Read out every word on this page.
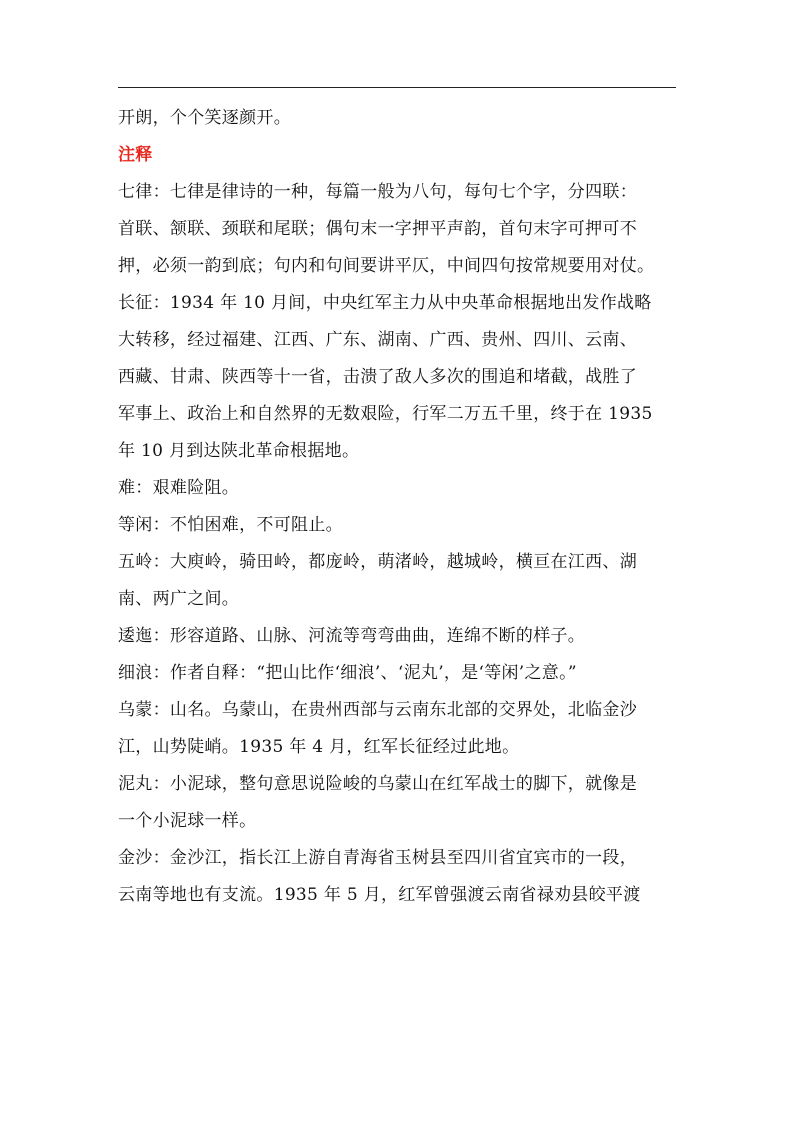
开朗，个个笑逐颜开。
注释
七律：七律是律诗的一种，每篇一般为八句，每句七个字，分四联：
首联、颔联、颈联和尾联；偶句末一字押平声韵，首句末字可押可不
押，必须一韵到底；句内和句间要讲平仄，中间四句按常规要用对仗。
长征：1934 年 10 月间，中央红军主力从中央革命根据地出发作战略
大转移，经过福建、江西、广东、湖南、广西、贵州、四川、云南、
西藏、甘肃、陕西等十一省，击溃了敌人多次的围追和堵截，战胜了
军事上、政治上和自然界的无数艰险，行军二万五千里，终于在 1935
年 10 月到达陕北革命根据地。
难：艰难险阻。
等闲：不怕困难，不可阻止。
五岭：大庾岭，骑田岭，都庞岭，萌渚岭，越城岭，横亘在江西、湖
南、两广之间。
逶迤：形容道路、山脉、河流等弯弯曲曲，连绵不断的样子。
细浪：作者自释：“把山比作‘细浪’、‘泥丸’，是‘等闲’之意。”
乌蒙：山名。乌蒙山，在贵州西部与云南东北部的交界处，北临金沙
江，山势陡峭。1935 年 4 月，红军长征经过此地。
泥丸：小泥球，整句意思说险峻的乌蒙山在红军战士的脚下，就像是
一个小泥球一样。
金沙：金沙江，指长江上游自青海省玉树县至四川省宜宾市的一段，
云南等地也有支流。1935 年 5 月，红军曾强渡云南省禄劝县皎平渡
